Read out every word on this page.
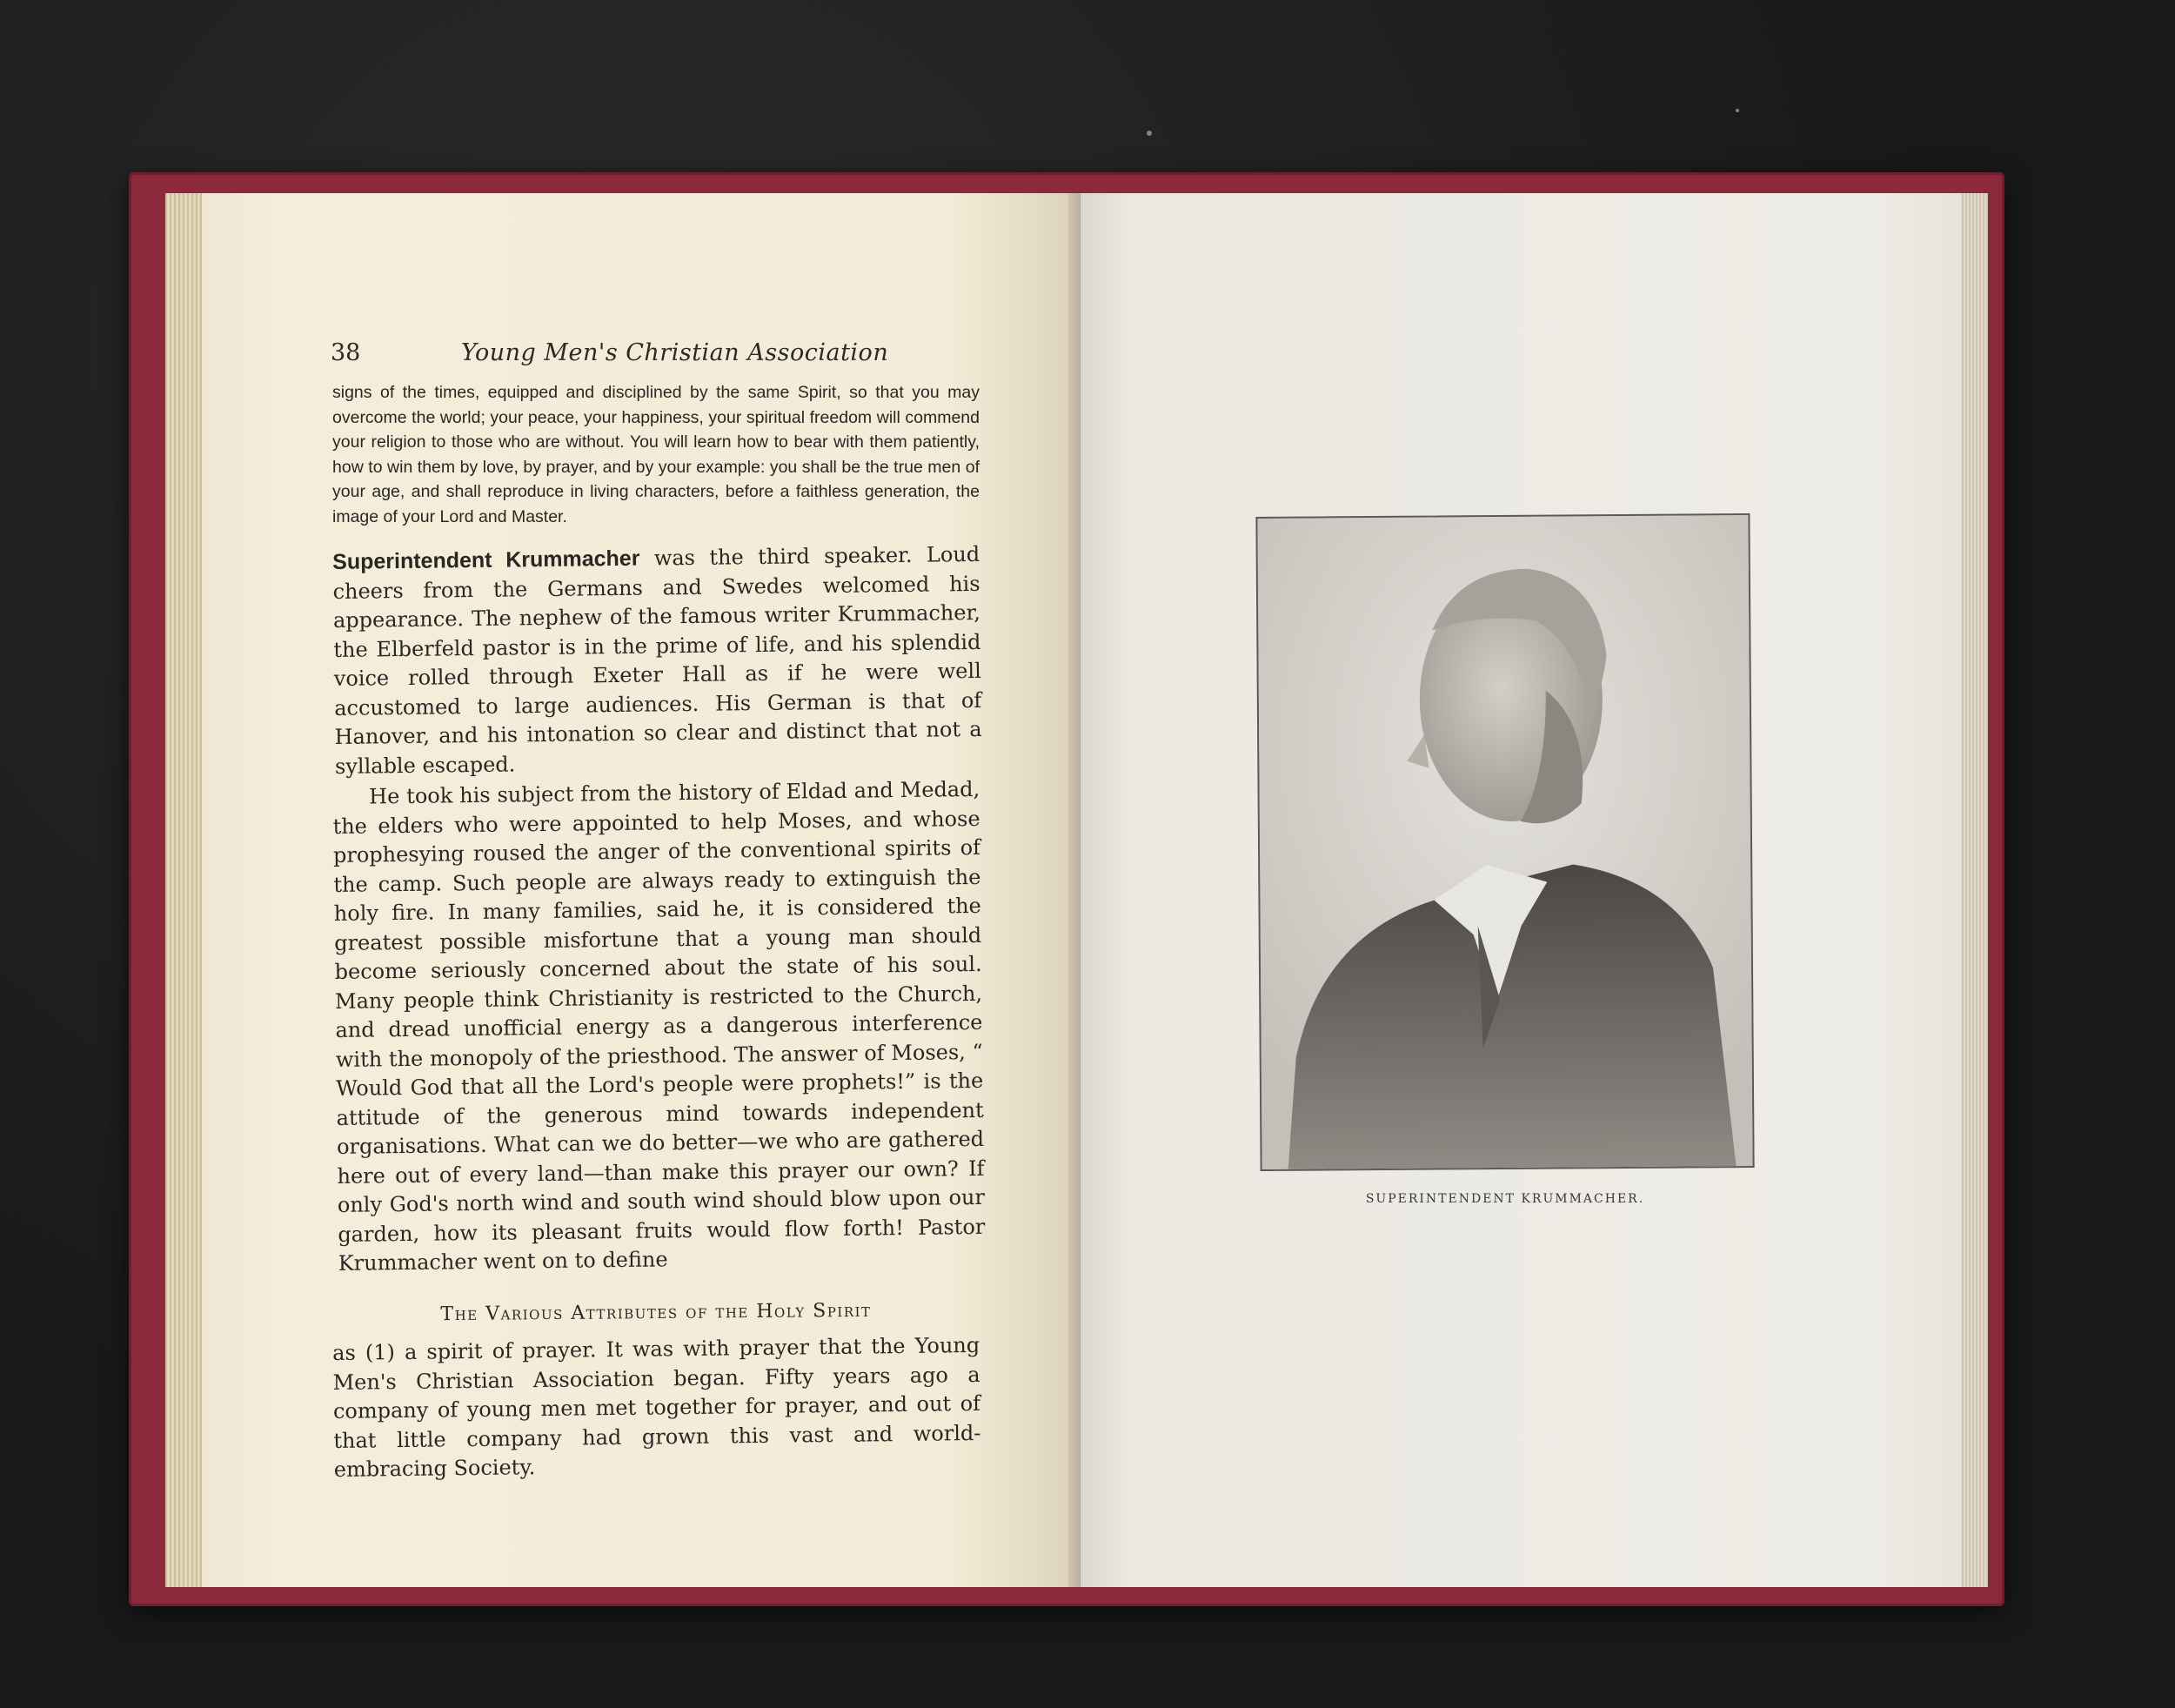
38	Young Men's Christian Association

signs of the times, equipped and disciplined by the same Spirit, so that you may overcome the world; your peace, your happiness, your spiritual freedom will commend your religion to those who are without. You will learn how to bear with them patiently, how to win them by love, by prayer, and by your example: you shall be the true men of your age, and shall reproduce in living characters, before a faithless generation, the image of your Lord and Master.

Superintendent Krummacher was the third speaker. Loud cheers from the Germans and Swedes welcomed his appearance. The nephew of the famous writer Krummacher, the Elberfeld pastor is in the prime of life, and his splendid voice rolled through Exeter Hall as if he were well accustomed to large audiences. His German is that of Hanover, and his intonation so clear and distinct that not a syllable escaped.

He took his subject from the history of Eldad and Medad, the elders who were appointed to help Moses, and whose prophesying roused the anger of the conventional spirits of the camp. Such people are always ready to extinguish the holy fire. In many families, said he, it is considered the greatest possible misfortune that a young man should become seriously concerned about the state of his soul. Many people think Christianity is restricted to the Church, and dread unofficial energy as a dangerous interference with the monopoly of the priesthood. The answer of Moses, “ Would God that all the Lord's people were prophets!” is the attitude of the generous mind towards independent organisations. What can we do better—we who are gathered here out of every land—than make this prayer our own? If only God's north wind and south wind should blow upon our garden, how its pleasant fruits would flow forth! Pastor Krummacher went on to define

The Various Attributes of the Holy Spirit

as (1) a spirit of prayer. It was with prayer that the Young Men's Christian Association began. Fifty years ago a company of young men met together for prayer, and out of that little company had grown this vast and world-embracing Society.

SUPERINTENDENT KRUMMACHER.
